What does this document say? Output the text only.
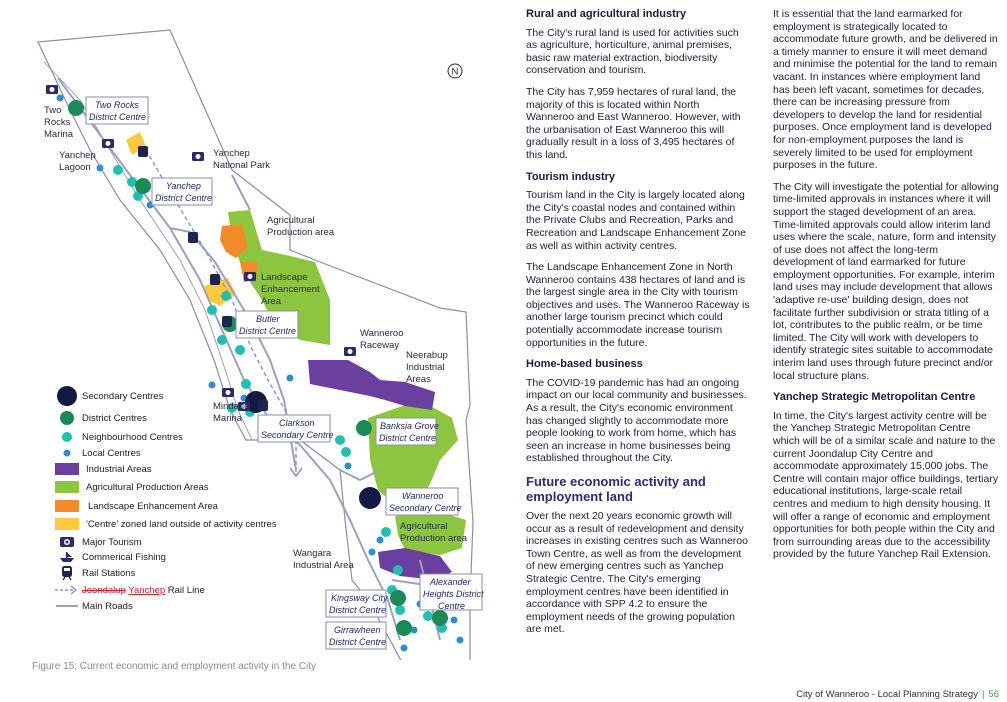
N
Two
Rocks
Marina
Yanchep
Lagoon
Yanchep
National Park
Agricultural
Production area
Landscape
Enhancement
Area
Wanneroo
Raceway
Neerabup
Industrial
Areas
Mindarie
Marina
Agricultural
Production area
Wangara
Industrial Area
Two Rocks
District Centre
Yanchep
District Centre
Butler
District Centre
Clarkson
Secondary Centre
Banksia Grove
District Centre
Wanneroo
Secondary Centre
Alexander
Heights District
Centre
Kingsway City
District Centre
Girrawheen
District Centre
Secondary Centres
District Centres
Neighbourhood Centres
Local Centres
Industrial Areas
Agricultural Production Areas
Landscape Enhancement Area
'Centre' zoned land outside of activity centres
Major Tourism
Commerical Fishing
Rail Stations
Joondalup Yanchep Rail Line
Main Roads
Figure 15: Current economic and employment activity in the City
Rural and agricultural industry

The City's rural land is used for activities such as agriculture, horticulture, animal premises, basic raw material extraction, biodiversity conservation and tourism.

The City has 7,959 hectares of rural land, the majority of this is located within North Wanneroo and East Wanneroo. However, with the urbanisation of East Wanneroo this will gradually result in a loss of 3,495 hectares of this land.

Tourism industry

Tourism land in the City is largely located along the City's coastal nodes and contained within the Private Clubs and Recreation, Parks and Recreation and Landscape Enhancement Zone as well as within activity centres.

The Landscape Enhancement Zone in North Wanneroo contains 438 hectares of land and is the largest single area in the City with tourism objectives and uses. The Wanneroo Raceway is another large tourism precinct which could potentially accommodate increase tourism opportunities in the future.

Home-based business

The COVID-19 pandemic has had an ongoing impact on our local community and businesses. As a result, the City's economic environment has changed slightly to accommodate more people looking to work from home, which has seen an increase in home businesses being established throughout the City.

Future economic activity and employment land

Over the next 20 years economic growth will occur as a result of redevelopment and density increases in existing centres such as Wanneroo Town Centre, as well as from the development of new emerging centres such as Yanchep Strategic Centre. The City's emerging employment centres have been identified in accordance with SPP 4.2 to ensure the employment needs of the growing population are met.

It is essential that the land earmarked for employment is strategically located to accommodate future growth, and be delivered in a timely manner to ensure it will meet demand and minimise the potential for the land to remain vacant. In instances where employment land has been left vacant, sometimes for decades, there can be increasing pressure from developers to develop the land for residential purposes. Once employment land is developed for non-employment purposes the land is severely limited to be used for employment purposes in the future.

The City will investigate the potential for allowing time-limited approvals in instances where it will support the staged development of an area. Time-limited approvals could allow interim land uses where the scale, nature, form and intensity of use does not affect the long-term development of land earmarked for future employment opportunities. For example, interim land uses may include development that allows 'adaptive re-use' building design, does not facilitate further subdivision or strata titling of a lot, contributes to the public realm, or be time limited. The City will work with developers to identify strategic sites suitable to accommodate interim land uses through future precinct and/or local structure plans.

Yanchep Strategic Metropolitan Centre

In time, the City's largest activity centre will be the Yanchep Strategic Metropolitan Centre which will be of a similar scale and nature to the current Joondalup City Centre and accommodate approximately 15,000 jobs. The Centre will contain major office buildings, tertiary educational institutions, large-scale retail centres and medium to high density housing. It will offer a range of economic and employment opportunities for both people within the City and from surrounding areas due to the accessibility provided by the future Yanchep Rail Extension.

City of Wanneroo - Local Planning Strategy | 56
